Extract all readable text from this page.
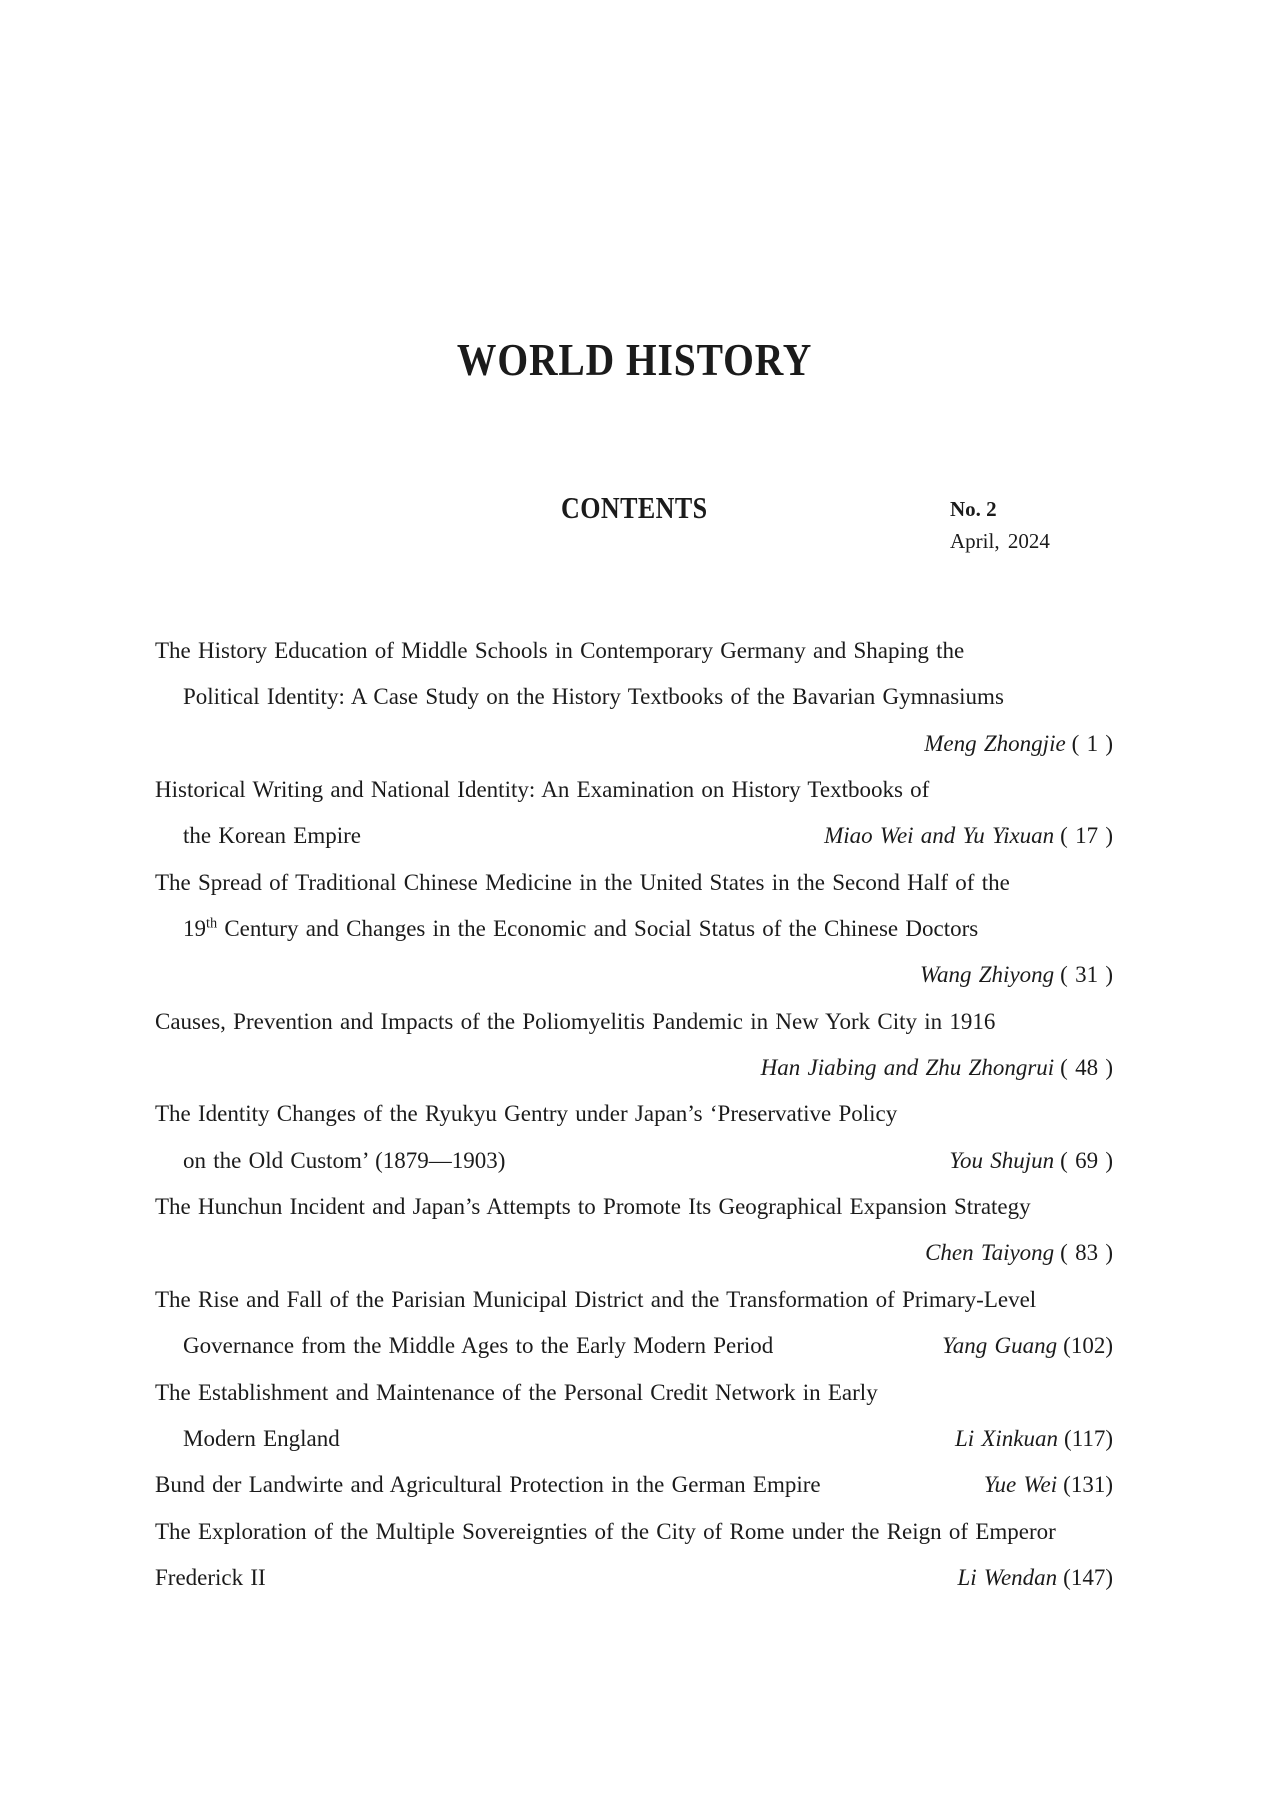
WORLD HISTORY
CONTENTS	No. 2
April, 2024
The History Education of Middle Schools in Contemporary Germany and Shaping the
Political Identity: A Case Study on the History Textbooks of the Bavarian Gymnasiums
Meng Zhongjie ( 1 )
Historical Writing and National Identity: An Examination on History Textbooks of
the Korean Empire	Miao Wei and Yu Yixuan ( 17 )
The Spread of Traditional Chinese Medicine in the United States in the Second Half of the
19th Century and Changes in the Economic and Social Status of the Chinese Doctors
Wang Zhiyong ( 31 )
Causes, Prevention and Impacts of the Poliomyelitis Pandemic in New York City in 1916
Han Jiabing and Zhu Zhongrui ( 48 )
The Identity Changes of the Ryukyu Gentry under Japan’s ‘Preservative Policy
on the Old Custom’ (1879—1903)	You Shujun ( 69 )
The Hunchun Incident and Japan’s Attempts to Promote Its Geographical Expansion Strategy
Chen Taiyong ( 83 )
The Rise and Fall of the Parisian Municipal District and the Transformation of Primary-Level
Governance from the Middle Ages to the Early Modern Period	Yang Guang (102)
The Establishment and Maintenance of the Personal Credit Network in Early
Modern England	Li Xinkuan (117)
Bund der Landwirte and Agricultural Protection in the German Empire	Yue Wei (131)
The Exploration of the Multiple Sovereignties of the City of Rome under the Reign of Emperor
Frederick II	Li Wendan (147)
